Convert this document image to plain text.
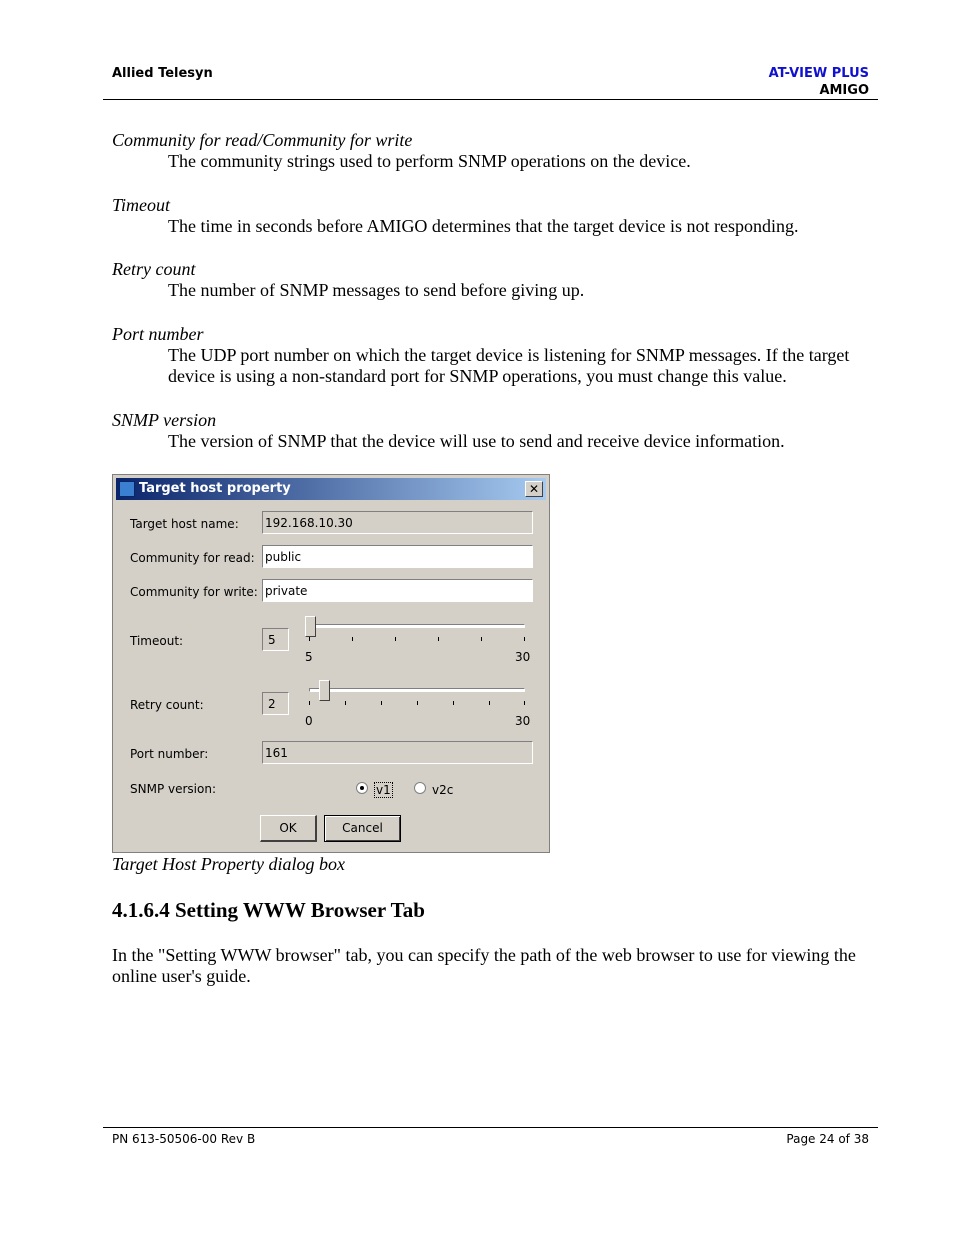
Allied Telesyn	AT-VIEW PLUS
AMIGO
Community for read/Community for write
The community strings used to perform SNMP operations on the device.
Timeout
The time in seconds before AMIGO determines that the target device is not responding.
Retry count
The number of SNMP messages to send before giving up.
Port number
The UDP port number on which the target device is listening for SNMP messages. If the target device is using a non-standard port for SNMP operations, you must change this value.
SNMP version
The version of SNMP that the device will use to send and receive device information.
Target host property	✕
Target host name: 192.168.10.30
Community for read: public
Community for write: private
Timeout:	5
5	30
Retry count:	2
0	30
Port number:	161
SNMP version:	v1	v2c
OK	Cancel
Target Host Property dialog box
4.1.6.4 Setting WWW Browser Tab
In the "Setting WWW browser" tab, you can specify the path of the web browser to use for viewing the online user's guide.
PN 613-50506-00 Rev B	Page 24 of 38
